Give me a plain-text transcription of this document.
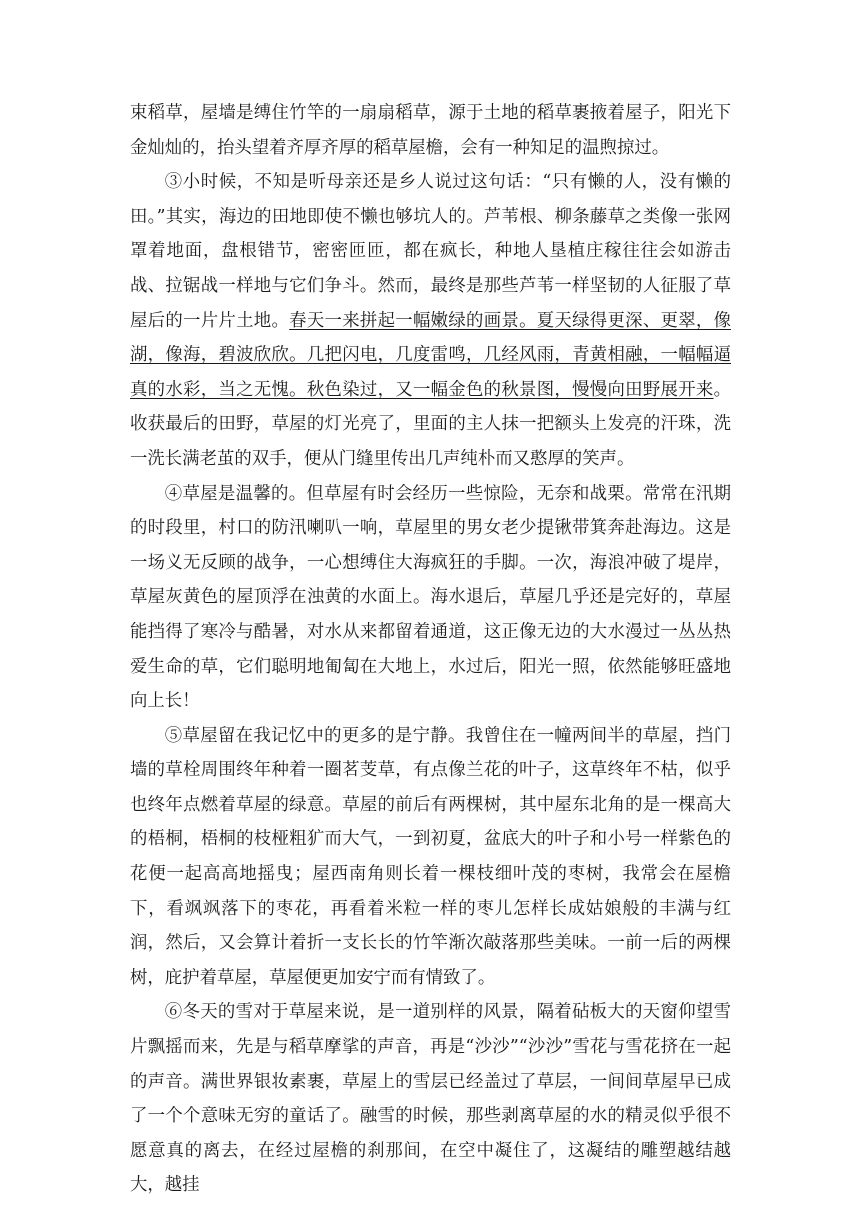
束稻草，屋墙是缚住竹竿的一扇扇稻草，源于土地的稻草裹掖着屋子，阳光下金灿灿的，抬头望着齐厚齐厚的稻草屋檐，会有一种知足的温煦掠过。

③小时候，不知是听母亲还是乡人说过这句话：“只有懒的人，没有懒的田。”其实，海边的田地即使不懒也够坑人的。芦苇根、柳条藤草之类像一张网罩着地面，盘根错节，密密匝匝，都在疯长，种地人垦植庄稼往往会如游击战、拉锯战一样地与它们争斗。然而，最终是那些芦苇一样坚韧的人征服了草屋后的一片片土地。春天一来拼起一幅嫩绿的画景。夏天绿得更深、更翠，像湖，像海，碧波欣欣。几把闪电，几度雷鸣，几经风雨，青黄相融，一幅幅逼真的水彩，当之无愧。秋色染过，又一幅金色的秋景图，慢慢向田野展开来。收获最后的田野，草屋的灯光亮了，里面的主人抹一把额头上发亮的汗珠，洗一洗长满老茧的双手，便从门缝里传出几声纯朴而又憨厚的笑声。

④草屋是温馨的。但草屋有时会经历一些惊险，无奈和战栗。常常在汛期的时段里，村口的防汛喇叭一响，草屋里的男女老少提锹带箕奔赴海边。这是一场义无反顾的战争，一心想缚住大海疯狂的手脚。一次，海浪冲破了堤岸，草屋灰黄色的屋顶浮在浊黄的水面上。海水退后，草屋几乎还是完好的，草屋能挡得了寒冷与酷暑，对水从来都留着通道，这正像无边的大水漫过一丛丛热爱生命的草，它们聪明地匍匐在大地上，水过后，阳光一照，依然能够旺盛地向上长！

⑤草屋留在我记忆中的更多的是宁静。我曾住在一幢两间半的草屋，挡门墙的草栓周围终年种着一圈茗芰草，有点像兰花的叶子，这草终年不枯，似乎也终年点燃着草屋的绿意。草屋的前后有两棵树，其中屋东北角的是一棵高大的梧桐，梧桐的枝桠粗犷而大气，一到初夏，盆底大的叶子和小号一样紫色的花便一起高高地摇曳；屋西南角则长着一棵枝细叶茂的枣树，我常会在屋檐下，看飒飒落下的枣花，再看着米粒一样的枣儿怎样长成姑娘般的丰满与红润，然后，又会算计着折一支长长的竹竿渐次敲落那些美味。一前一后的两棵树，庇护着草屋，草屋便更加安宁而有情致了。

⑥冬天的雪对于草屋来说，是一道别样的风景，隔着砧板大的天窗仰望雪片飘摇而来，先是与稻草摩挲的声音，再是“沙沙”“沙沙”雪花与雪花挤在一起的声音。满世界银妆素裹，草屋上的雪层已经盖过了草层，一间间草屋早已成了一个个意味无穷的童话了。融雪的时候，那些剥离草屋的水的精灵似乎很不愿意真的离去，在经过屋檐的刹那间，在空中凝住了，这凝结的雕塑越结越大，越挂
